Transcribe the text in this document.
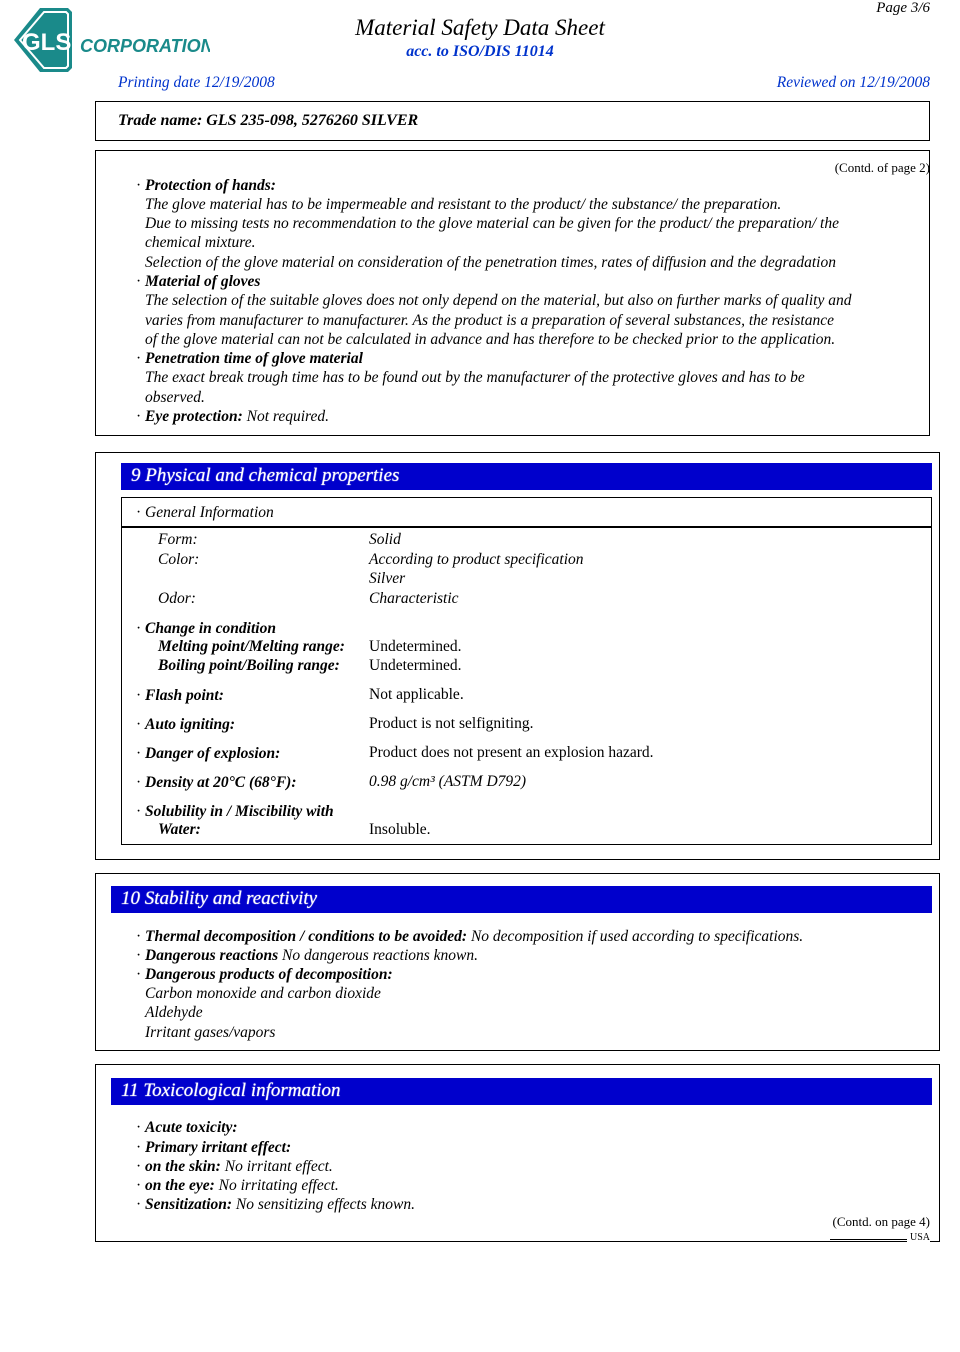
GLS CORPORATION
Page 3/6
Material Safety Data Sheet
acc. to ISO/DIS 11014
Printing date 12/19/2008	Reviewed on 12/19/2008
Trade name: GLS 235-098, 5276260 SILVER
(Contd. of page 2)
· Protection of hands:
The glove material has to be impermeable and resistant to the product/ the substance/ the preparation.
Due to missing tests no recommendation to the glove material can be given for the product/ the preparation/ the
chemical mixture.
Selection of the glove material on consideration of the penetration times, rates of diffusion and the degradation
· Material of gloves
The selection of the suitable gloves does not only depend on the material, but also on further marks of quality and
varies from manufacturer to manufacturer. As the product is a preparation of several substances, the resistance
of the glove material can not be calculated in advance and has therefore to be checked prior to the application.
· Penetration time of glove material
The exact break trough time has to be found out by the manufacturer of the protective gloves and has to be
observed.
· Eye protection: Not required.
9 Physical and chemical properties
· General Information
Form:	Solid
Color:	According to product specification
Silver
Odor:	Characteristic
· Change in condition
Melting point/Melting range: Undetermined.
Boiling point/Boiling range: Undetermined.
· Flash point:	Not applicable.
· Auto igniting:	Product is not selfigniting.
· Danger of explosion:	Product does not present an explosion hazard.
· Density at 20°C (68°F):	0.98 g/cm³ (ASTM D792)
· Solubility in / Miscibility with
Water:	Insoluble.
10 Stability and reactivity
· Thermal decomposition / conditions to be avoided: No decomposition if used according to specifications.
· Dangerous reactions No dangerous reactions known.
· Dangerous products of decomposition:
Carbon monoxide and carbon dioxide
Aldehyde
Irritant gases/vapors
11 Toxicological information
· Acute toxicity:
· Primary irritant effect:
· on the skin: No irritant effect.
· on the eye: No irritating effect.
· Sensitization: No sensitizing effects known.
(Contd. on page 4)
USA
